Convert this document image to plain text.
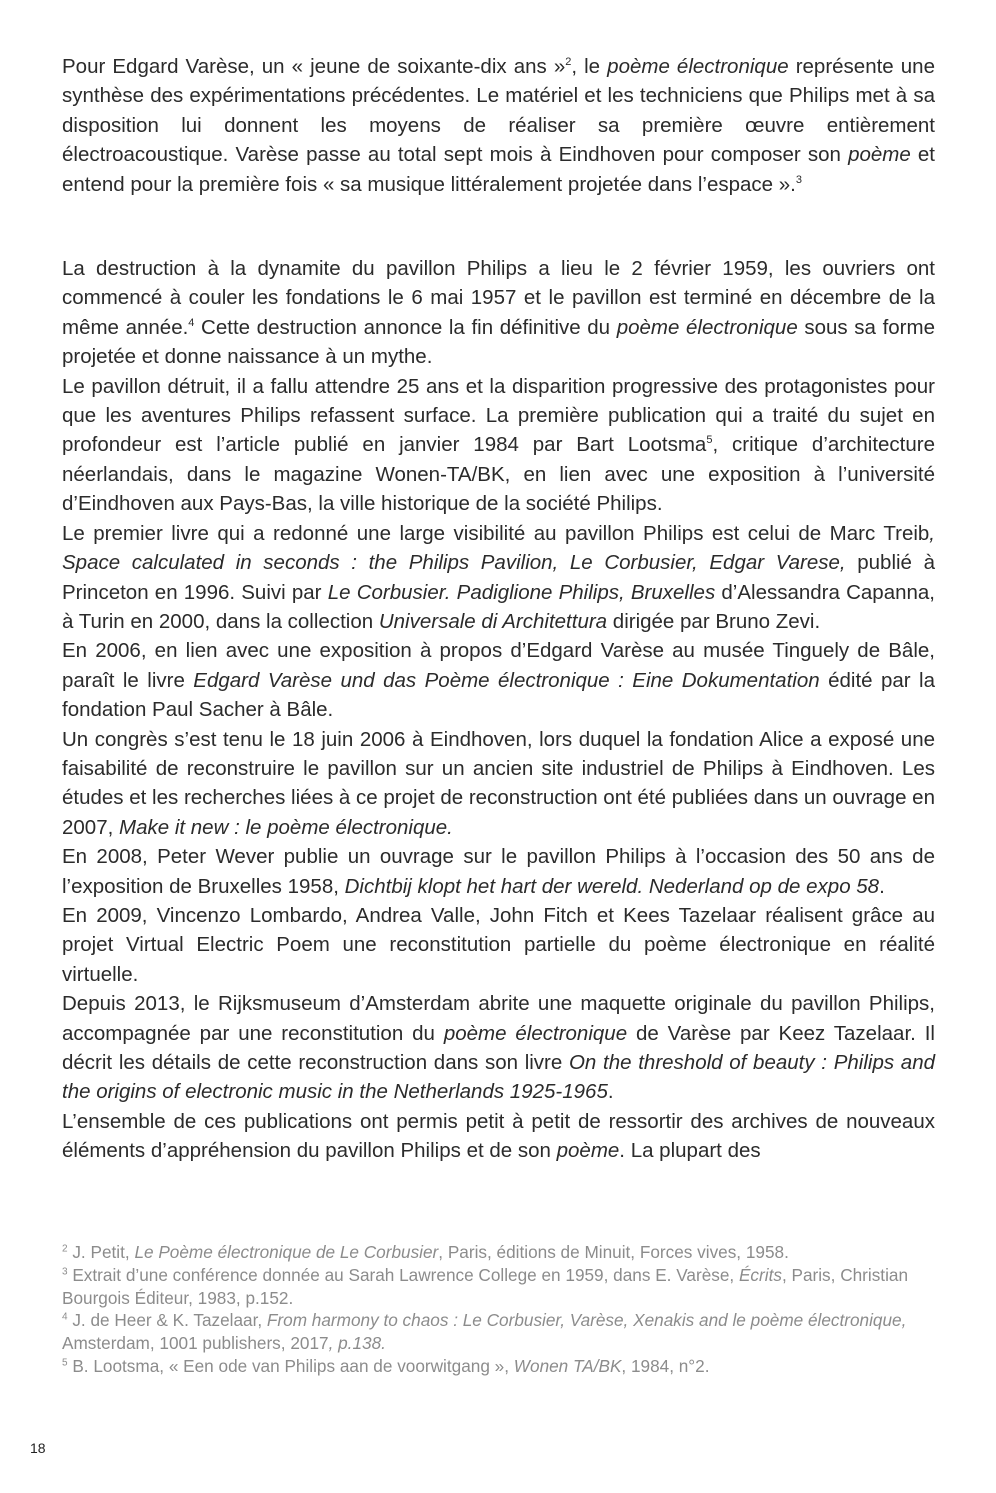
Pour Edgard Varèse, un « jeune de soixante-dix ans »$^2$, le poème électronique représente une synthèse des expérimentations précédentes. Le matériel et les techniciens que Philips met à sa disposition lui donnent les moyens de réaliser sa première œuvre entièrement électroacoustique. Varèse passe au total sept mois à Eindhoven pour composer son poème et entend pour la première fois « sa musique littéralement projetée dans l’espace ».$^3$

La destruction à la dynamite du pavillon Philips a lieu le 2 février 1959, les ouvriers ont commencé à couler les fondations le 6 mai 1957 et le pavillon est terminé en décembre de la même année.$^4$ Cette destruction annonce la fin définitive du poème électronique sous sa forme projetée et donne naissance à un mythe.

Le pavillon détruit, il a fallu attendre 25 ans et la disparition progressive des protagonistes pour que les aventures Philips refassent surface. La première publication qui a traité du sujet en profondeur est l’article publié en janvier 1984 par Bart Lootsma$^5$, critique d’architecture néerlandais, dans le magazine Wonen-TA/BK, en lien avec une exposition à l’université d’Eindhoven aux Pays-Bas, la ville historique de la société Philips.

Le premier livre qui a redonné une large visibilité au pavillon Philips est celui de Marc Treib, Space calculated in seconds : the Philips Pavilion, Le Corbusier, Edgar Varese, publié à Princeton en 1996. Suivi par Le Corbusier. Padiglione Philips, Bruxelles d’Alessandra Capanna, à Turin en 2000, dans la collection Universale di Architettura dirigée par Bruno Zevi.

En 2006, en lien avec une exposition à propos d’Edgard Varèse au musée Tinguely de Bâle, paraît le livre Edgard Varèse und das Poème électronique : Eine Dokumentation édité par la fondation Paul Sacher à Bâle.

Un congrès s’est tenu le 18 juin 2006 à Eindhoven, lors duquel la fondation Alice a exposé une faisabilité de reconstruire le pavillon sur un ancien site industriel de Philips à Eindhoven. Les études et les recherches liées à ce projet de reconstruction ont été publiées dans un ouvrage en 2007, Make it new : le poème électronique.

En 2008, Peter Wever publie un ouvrage sur le pavillon Philips à l’occasion des 50 ans de l’exposition de Bruxelles 1958, Dichtbij klopt het hart der wereld. Nederland op de expo 58.

En 2009, Vincenzo Lombardo, Andrea Valle, John Fitch et Kees Tazelaar réalisent grâce au projet Virtual Electric Poem une reconstitution partielle du poème électronique en réalité virtuelle.

Depuis 2013, le Rijksmuseum d’Amsterdam abrite une maquette originale du pavillon Philips, accompagnée par une reconstitution du poème électronique de Varèse par Keez Tazelaar. Il décrit les détails de cette reconstruction dans son livre On the threshold of beauty : Philips and the origins of electronic music in the Netherlands 1925-1965.

L’ensemble de ces publications ont permis petit à petit de ressortir des archives de nouveaux éléments d’appréhension du pavillon Philips et de son poème. La plupart des

$^2$ J. Petit, Le Poème électronique de Le Corbusier, Paris, éditions de Minuit, Forces vives, 1958.

$^3$ Extrait d’une conférence donnée au Sarah Lawrence College en 1959, dans E. Varèse, Écrits, Paris, Christian Bourgois Éditeur, 1983, p.152.

$^4$ J. de Heer & K. Tazelaar, From harmony to chaos : Le Corbusier, Varèse, Xenakis and le poème électronique, Amsterdam, 1001 publishers, 2017, p.138.

$^5$ B. Lootsma, « Een ode van Philips aan de voorwitgang », Wonen TA/BK, 1984, n°2.

18
